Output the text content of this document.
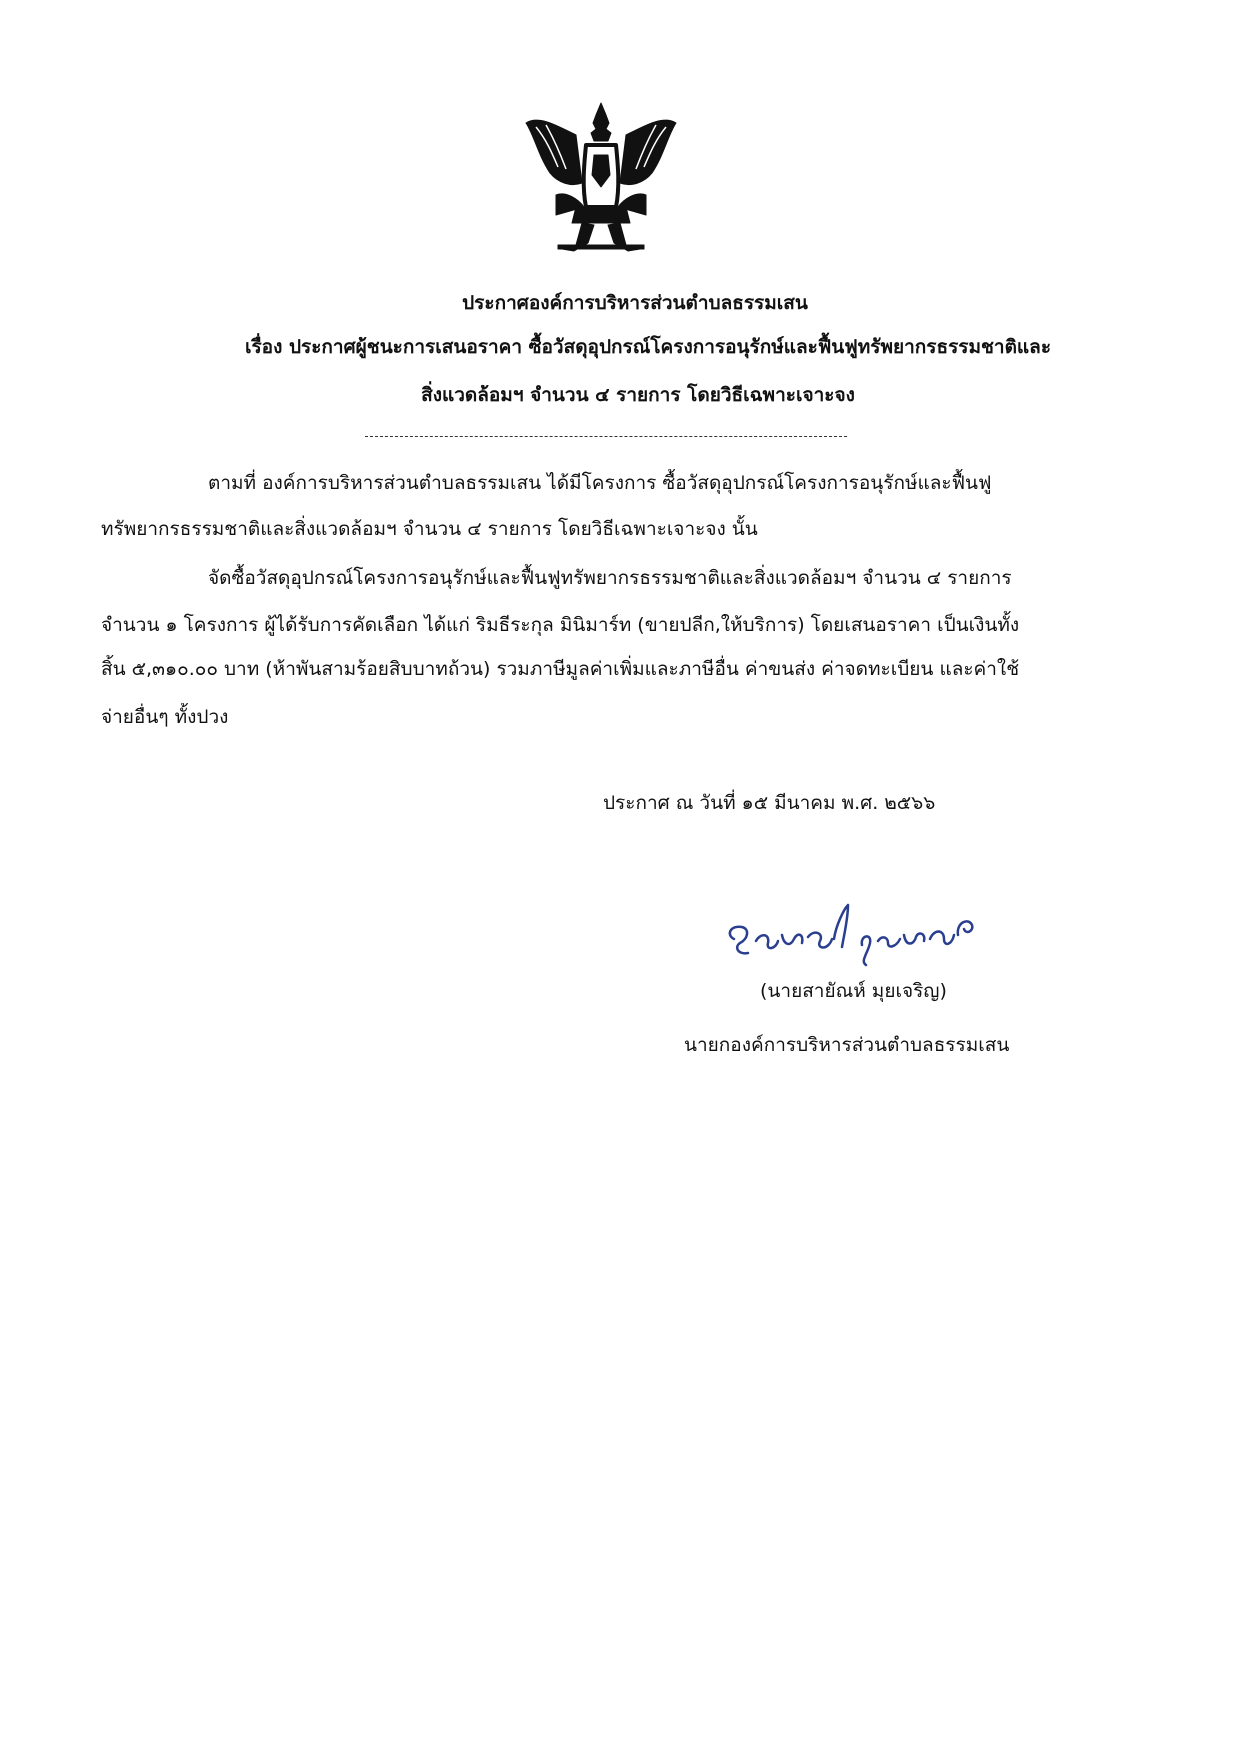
ประกาศองค์การบริหารส่วนตำบลธรรมเสน
เรื่อง ประกาศผู้ชนะการเสนอราคา ซื้อวัสดุอุปกรณ์โครงการอนุรักษ์และฟื้นฟูทรัพยากรธรรมชาติและ
สิ่งแวดล้อมฯ จำนวน ๔ รายการ โดยวิธีเฉพาะเจาะจง
ตามที่ องค์การบริหารส่วนตำบลธรรมเสน ได้มีโครงการ ซื้อวัสดุอุปกรณ์โครงการอนุรักษ์และฟื้นฟู
ทรัพยากรธรรมชาติและสิ่งแวดล้อมฯ จำนวน ๔ รายการ โดยวิธีเฉพาะเจาะจง นั้น
จัดซื้อวัสดุอุปกรณ์โครงการอนุรักษ์และฟื้นฟูทรัพยากรธรรมชาติและสิ่งแวดล้อมฯ จำนวน ๔ รายการ
จำนวน ๑ โครงการ ผู้ได้รับการคัดเลือก ได้แก่ ริมธีระกุล มินิมาร์ท (ขายปลีก,ให้บริการ) โดยเสนอราคา เป็นเงินทั้ง
สิ้น ๕,๓๑๐.๐๐ บาท (ห้าพันสามร้อยสิบบาทถ้วน) รวมภาษีมูลค่าเพิ่มและภาษีอื่น ค่าขนส่ง ค่าจดทะเบียน และค่าใช้
จ่ายอื่นๆ ทั้งปวง
ประกาศ ณ วันที่ ๑๕ มีนาคม พ.ศ. ๒๕๖๖
(นายสายัณห์ มุยเจริญ)
นายกองค์การบริหารส่วนตำบลธรรมเสน
